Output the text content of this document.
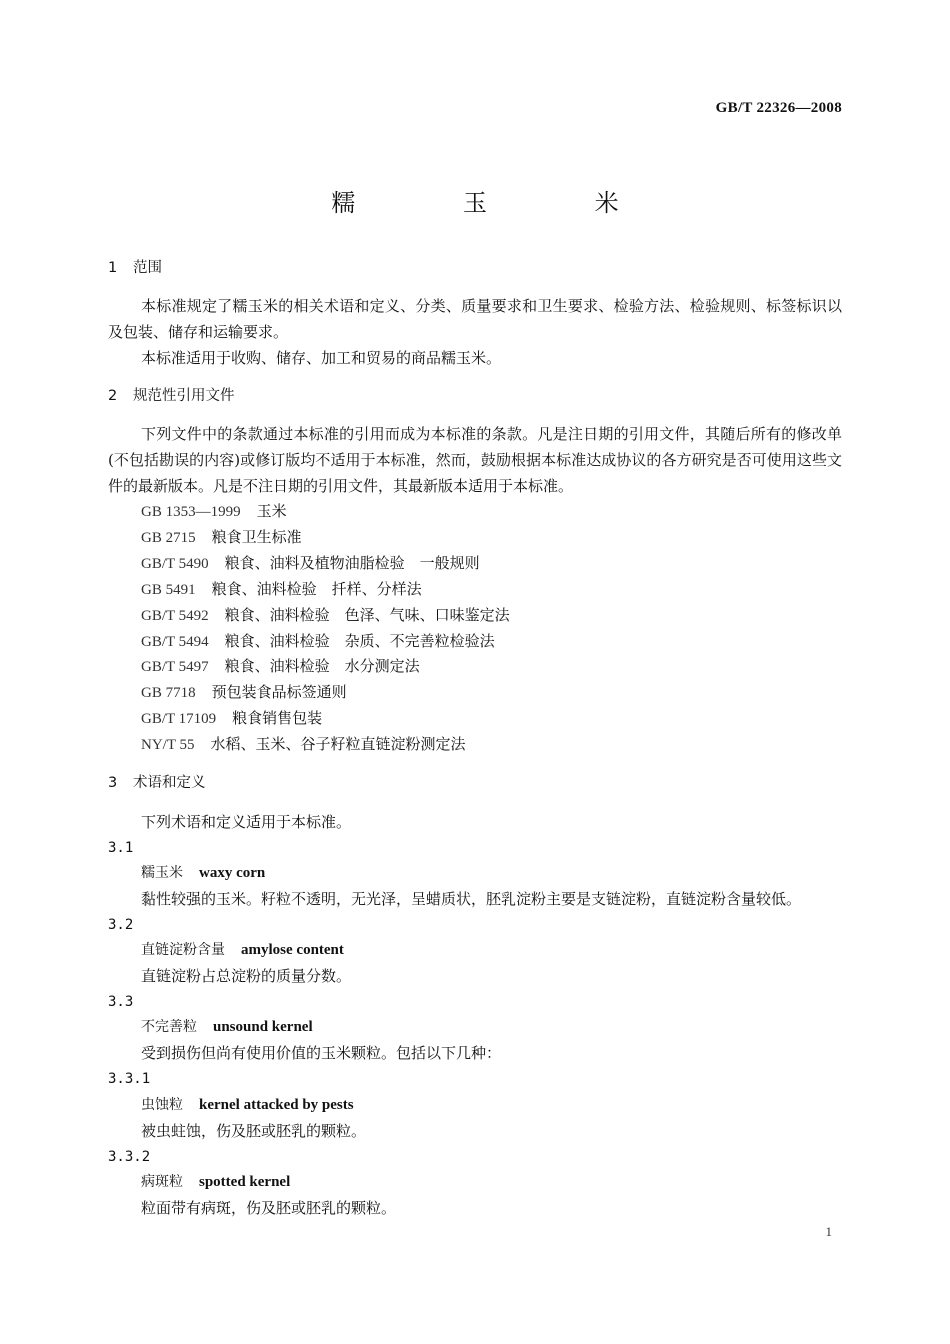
GB/T 22326—2008
糯 玉 米
1 范围
本标准规定了糯玉米的相关术语和定义、分类、质量要求和卫生要求、检验方法、检验规则、标签标识以及包装、储存和运输要求。
本标准适用于收购、储存、加工和贸易的商品糯玉米。
2 规范性引用文件
下列文件中的条款通过本标准的引用而成为本标准的条款。凡是注日期的引用文件，其随后所有的修改单(不包括勘误的内容)或修订版均不适用于本标准，然而，鼓励根据本标准达成协议的各方研究是否可使用这些文件的最新版本。凡是不注日期的引用文件，其最新版本适用于本标准。
GB 1353—1999 玉米
GB 2715 粮食卫生标准
GB/T 5490 粮食、油料及植物油脂检验　一般规则
GB 5491 粮食、油料检验　扦样、分样法
GB/T 5492 粮食、油料检验　色泽、气味、口味鉴定法
GB/T 5494 粮食、油料检验　杂质、不完善粒检验法
GB/T 5497 粮食、油料检验　水分测定法
GB 7718 预包装食品标签通则
GB/T 17109 粮食销售包装
NY/T 55 水稻、玉米、谷子籽粒直链淀粉测定法
3 术语和定义
下列术语和定义适用于本标准。
3.1
糯玉米 waxy corn
黏性较强的玉米。籽粒不透明，无光泽，呈蜡质状，胚乳淀粉主要是支链淀粉，直链淀粉含量较低。
3.2
直链淀粉含量 amylose content
直链淀粉占总淀粉的质量分数。
3.3
不完善粒 unsound kernel
受到损伤但尚有使用价值的玉米颗粒。包括以下几种：
3.3.1
虫蚀粒 kernel attacked by pests
被虫蛀蚀，伤及胚或胚乳的颗粒。
3.3.2
病斑粒 spotted kernel
粒面带有病斑，伤及胚或胚乳的颗粒。
1
